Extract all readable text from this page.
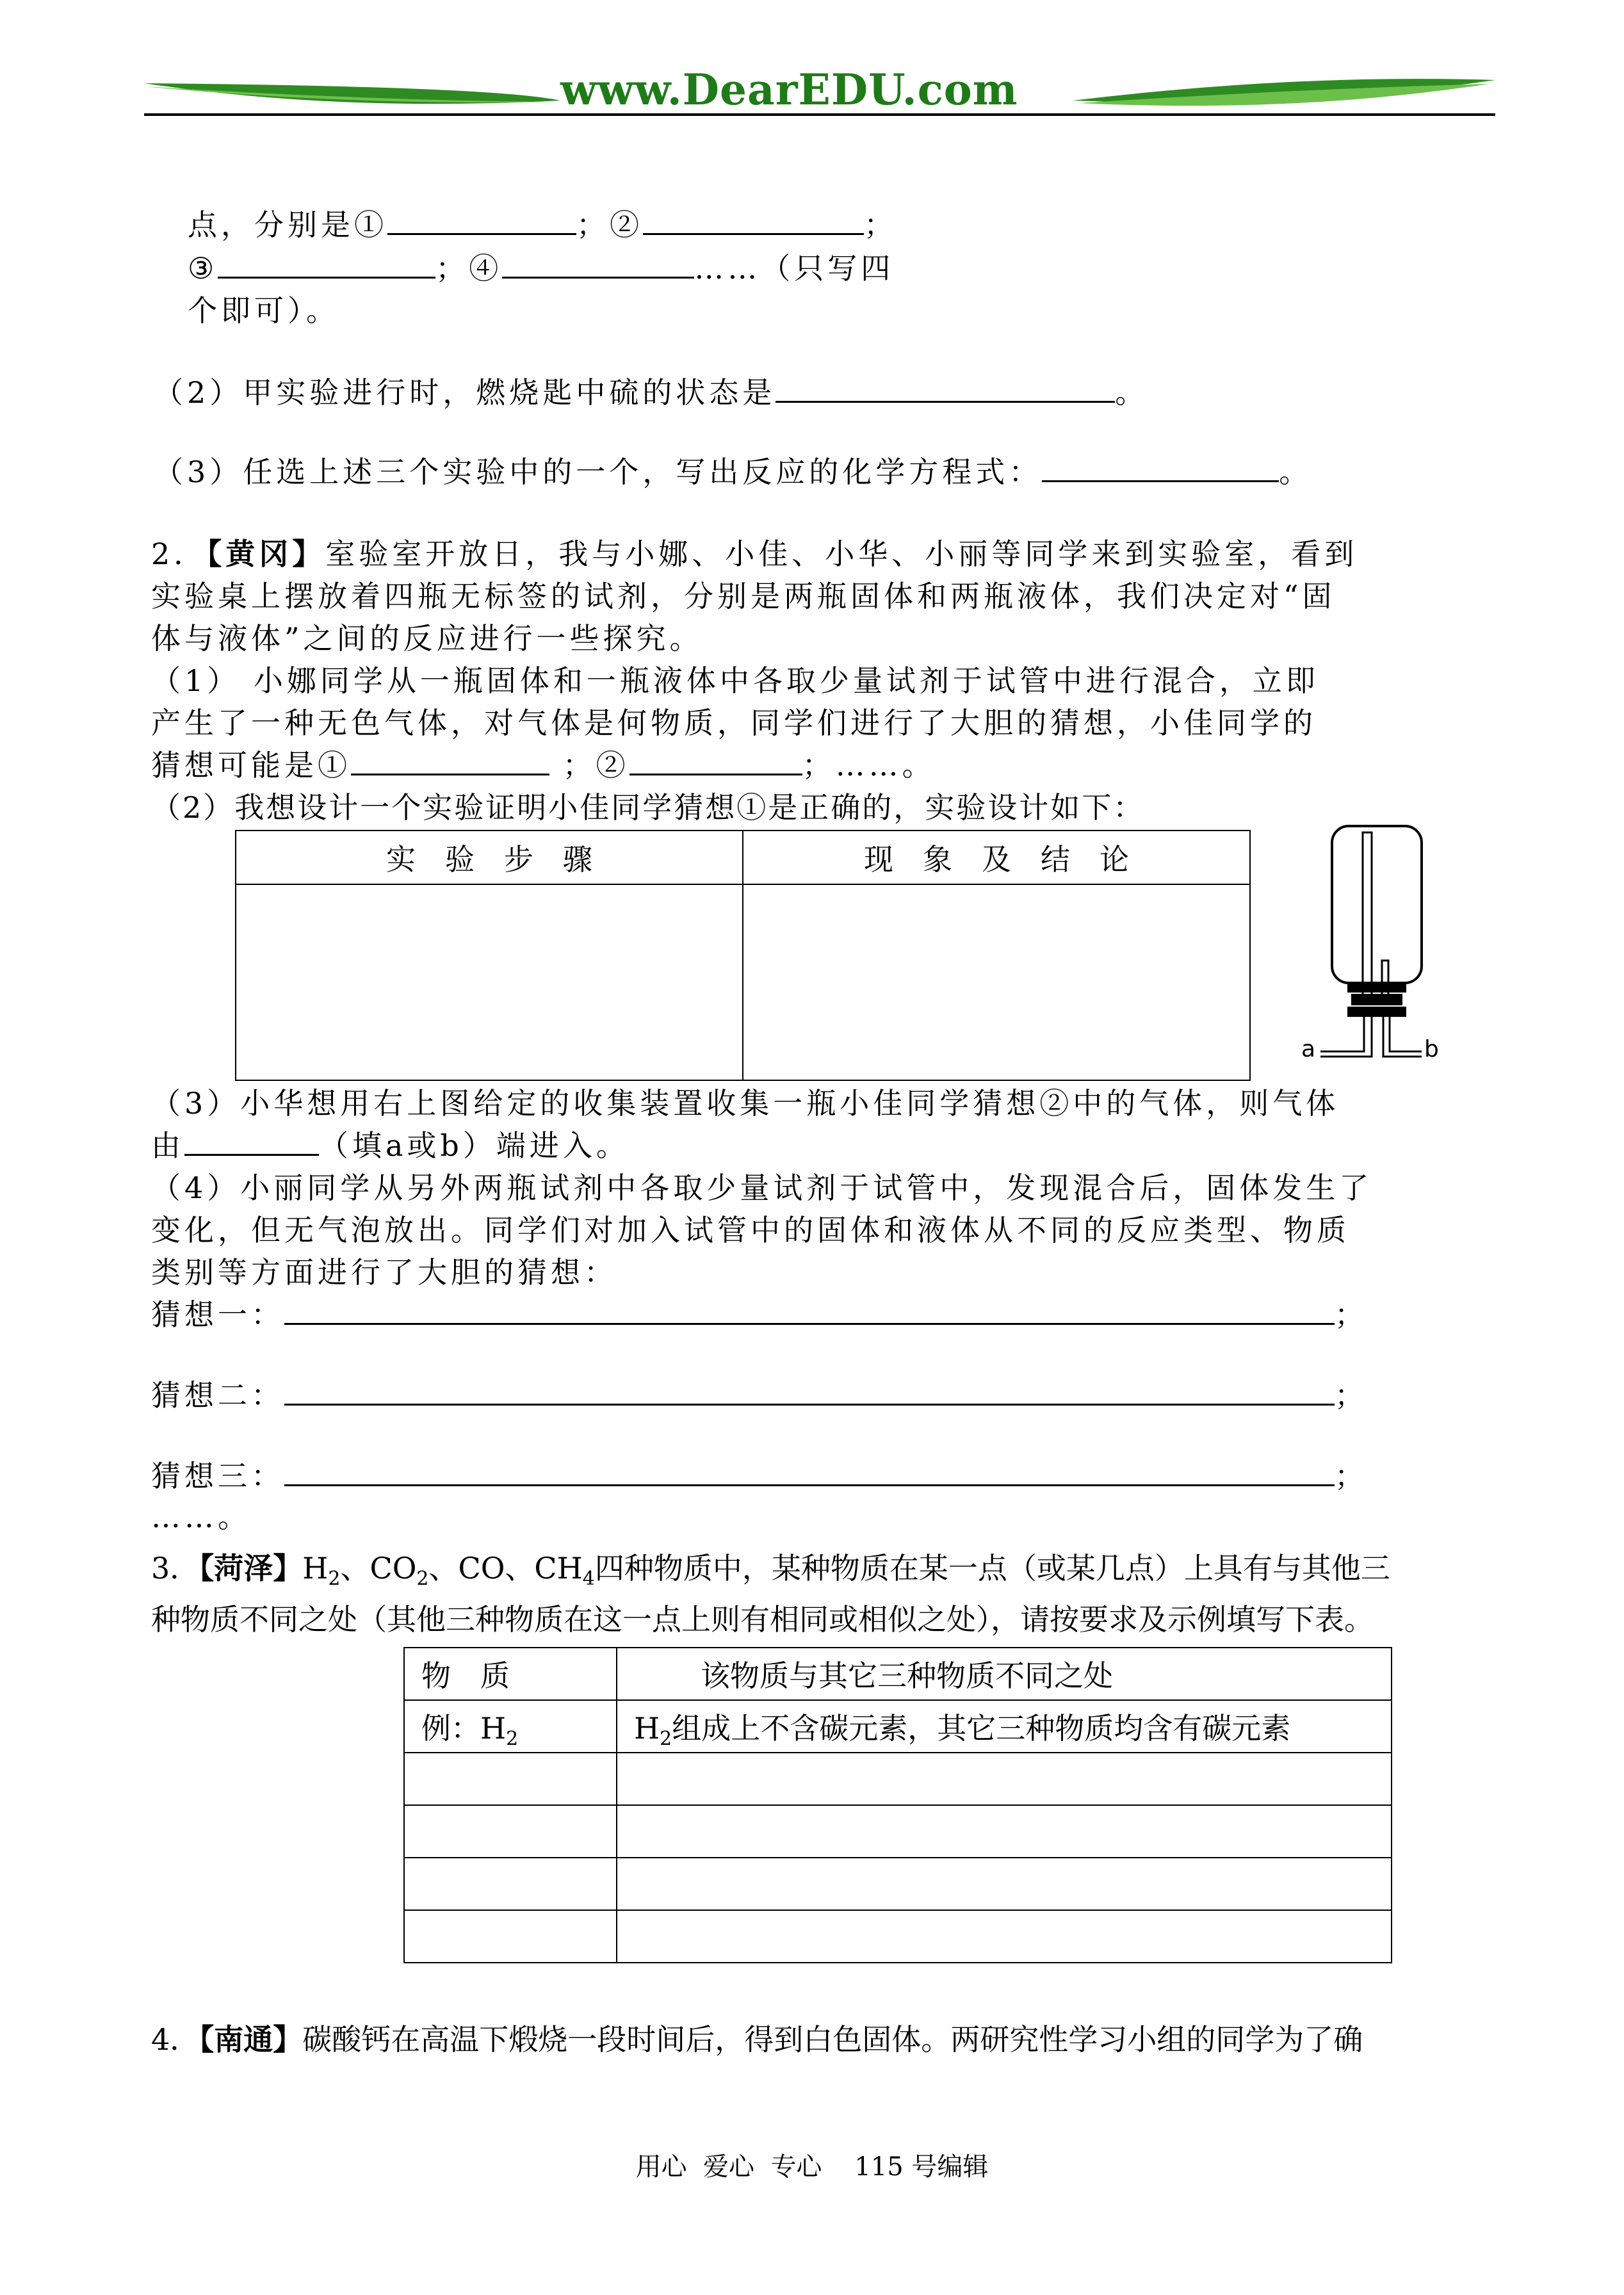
www.DearEDU.com
点，分别是①	；②	；
③	；④	……（只写四
个即可）。
（2）甲实验进行时，燃烧匙中硫的状态是	。
（3）任选上述三个实验中的一个，写出反应的化学方程式：	。
2．【黄冈】室验室开放日，我与小娜、小佳、小华、小丽等同学来到实验室，看到
实验桌上摆放着四瓶无标签的试剂，分别是两瓶固体和两瓶液体，我们决定对“固
体与液体”之间的反应进行一些探究。
（1） 小娜同学从一瓶固体和一瓶液体中各取少量试剂于试管中进行混合，立即
产生了一种无色气体，对气体是何物质，同学们进行了大胆的猜想，小佳同学的
猜想可能是①	；②	；……。
（2）我想设计一个实验证明小佳同学猜想①是正确的，实验设计如下：
实　验　步　骤	现　象　及　结　论

a	b
（3）小华想用右上图给定的收集装置收集一瓶小佳同学猜想②中的气体，则气体
由	（填a或b）端进入。
（4）小丽同学从另外两瓶试剂中各取少量试剂于试管中，发现混合后，固体发生了
变化，但无气泡放出。同学们对加入试管中的固体和液体从不同的反应类型、物质
类别等方面进行了大胆的猜想：
猜想一：	；
猜想二：	；
猜想三：	；
……。
3．【菏泽】$H_2$、$CO_2$、CO、$CH_4$四种物质中，某种物质在某一点（或某几点）上具有与其他三
种物质不同之处（其他三种物质在这一点上则有相同或相似之处），请按要求及示例填写下表。
物　质	该物质与其它三种物质不同之处
例：$H_2$	$H_2$组成上不含碳元素，其它三种物质均含有碳元素

4．【南通】碳酸钙在高温下煅烧一段时间后，得到白色固体。两研究性学习小组的同学为了确
用心  爱心  专心    115 号编辑
